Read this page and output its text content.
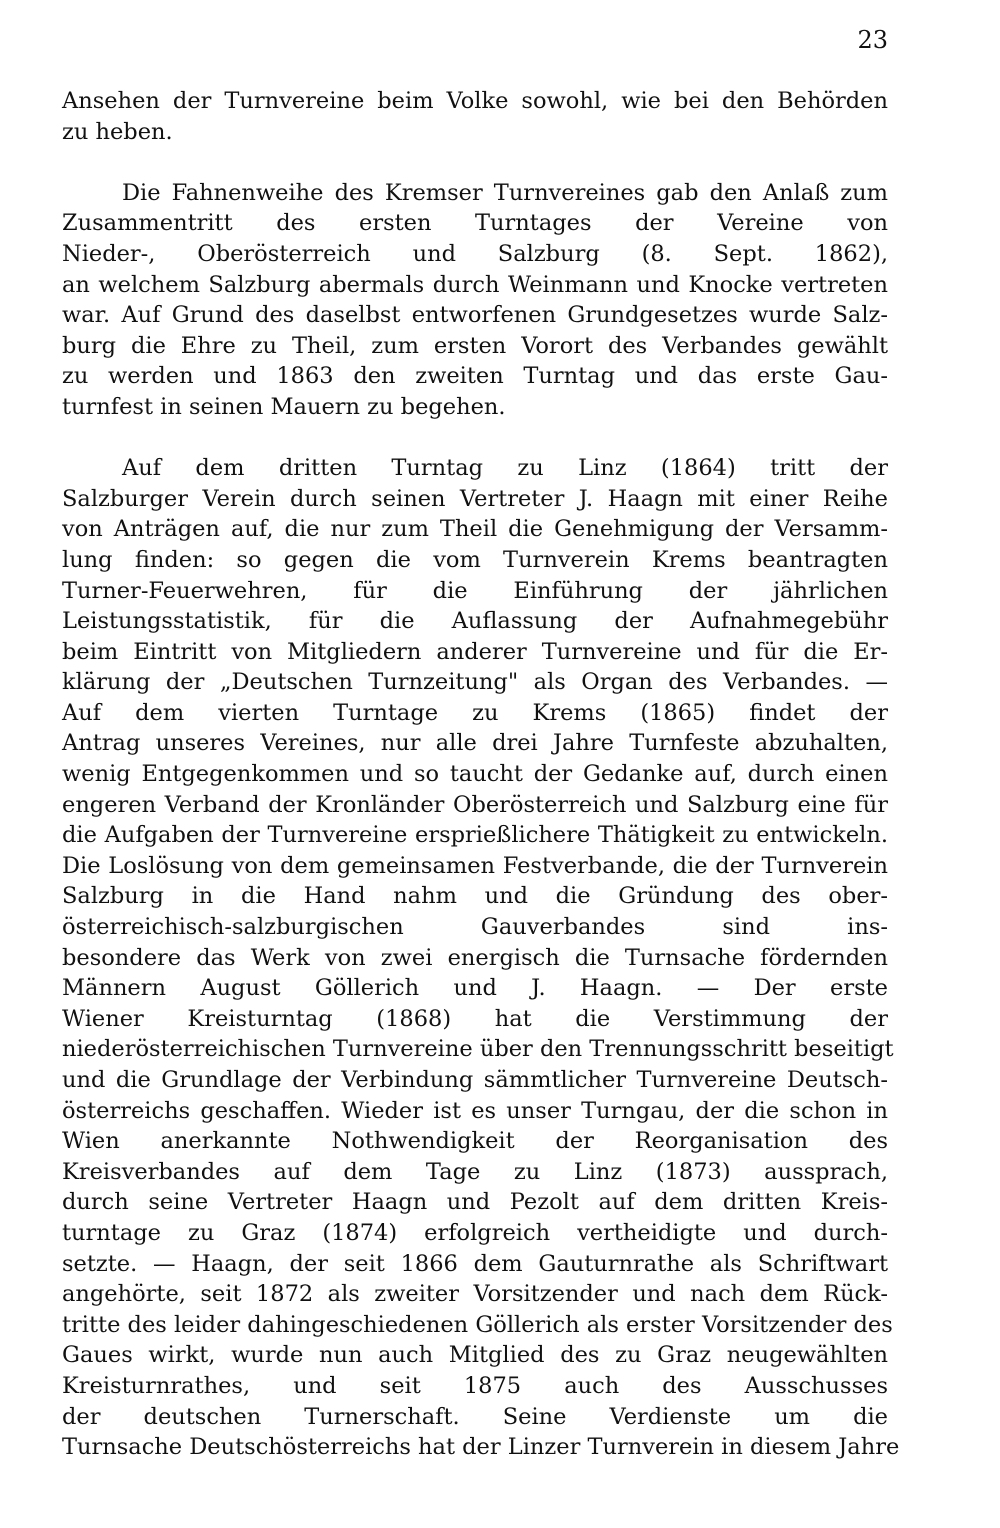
23
Ansehen der Turnvereine beim Volke sowohl, wie bei den Behörden
zu heben.
Die Fahnenweihe des Kremser Turnvereines gab den Anlaß zum
Zusammentritt des ersten Turntages der Vereine von
Nieder-, Oberösterreich und Salzburg (8. Sept. 1862),
an welchem Salzburg abermals durch Weinmann und Knocke vertreten
war. Auf Grund des daselbst entworfenen Grundgesetzes wurde Salz-
burg die Ehre zu Theil, zum ersten Vorort des Verbandes gewählt
zu werden und 1863 den zweiten Turntag und das erste Gau-
turnfest in seinen Mauern zu begehen.
Auf dem dritten Turntag zu Linz (1864) tritt der
Salzburger Verein durch seinen Vertreter J. Haagn mit einer Reihe
von Anträgen auf, die nur zum Theil die Genehmigung der Versamm-
lung finden: so gegen die vom Turnverein Krems beantragten
Turner-Feuerwehren, für die Einführung der jährlichen
Leistungsstatistik, für die Auflassung der Aufnahmegebühr
beim Eintritt von Mitgliedern anderer Turnvereine und für die Er-
klärung der „Deutschen Turnzeitung" als Organ des Verbandes. —
Auf dem vierten Turntage zu Krems (1865) findet der
Antrag unseres Vereines, nur alle drei Jahre Turnfeste abzuhalten,
wenig Entgegenkommen und so taucht der Gedanke auf, durch einen
engeren Verband der Kronländer Oberösterreich und Salzburg eine für
die Aufgaben der Turnvereine ersprießlichere Thätigkeit zu entwickeln.
Die Loslösung von dem gemeinsamen Festverbande, die der Turnverein
Salzburg in die Hand nahm und die Gründung des ober-
österreichisch-salzburgischen Gauverbandes sind ins-
besondere das Werk von zwei energisch die Turnsache fördernden
Männern August Göllerich und J. Haagn. — Der erste
Wiener Kreisturntag (1868) hat die Verstimmung der
niederösterreichischen Turnvereine über den Trennungsschritt beseitigt
und die Grundlage der Verbindung sämmtlicher Turnvereine Deutsch-
österreichs geschaffen. Wieder ist es unser Turngau, der die schon in
Wien anerkannte Nothwendigkeit der Reorganisation des
Kreisverbandes auf dem Tage zu Linz (1873) aussprach,
durch seine Vertreter Haagn und Pezolt auf dem dritten Kreis-
turntage zu Graz (1874) erfolgreich vertheidigte und durch-
setzte. — Haagn, der seit 1866 dem Gauturnrathe als Schriftwart
angehörte, seit 1872 als zweiter Vorsitzender und nach dem Rück-
tritte des leider dahingeschiedenen Göllerich als erster Vorsitzender des
Gaues wirkt, wurde nun auch Mitglied des zu Graz neugewählten
Kreisturnrathes, und seit 1875 auch des Ausschusses
der deutschen Turnerschaft. Seine Verdienste um die
Turnsache Deutschösterreichs hat der Linzer Turnverein in diesem Jahre
